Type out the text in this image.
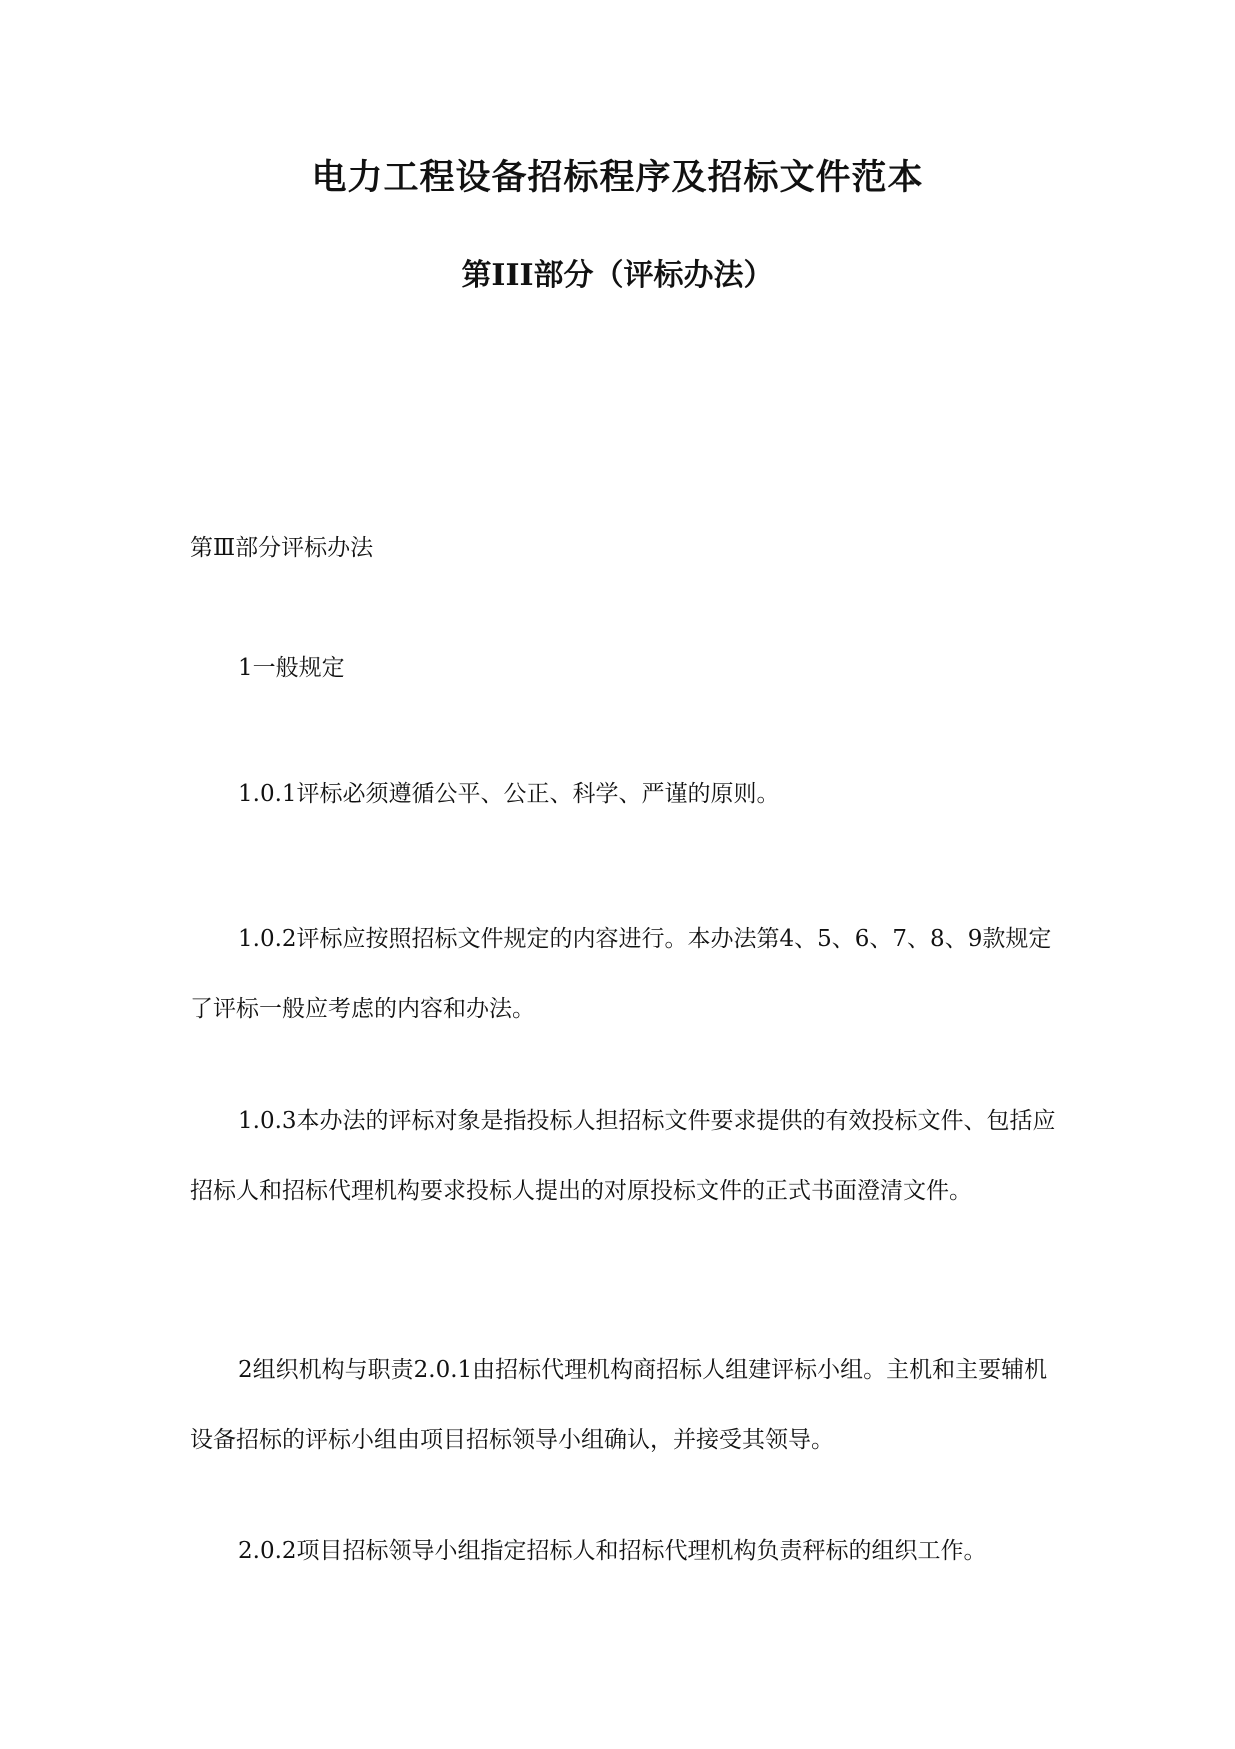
电力工程设备招标程序及招标文件范本
第III部分（评标办法）

第Ⅲ部分评标办法

1一般规定

1.0.1评标必须遵循公平、公正、科学、严谨的原则。

1.0.2评标应按照招标文件规定的内容进行。本办法第4、5、6、7、8、9款规定了评标一般应考虑的内容和办法。

1.0.3本办法的评标对象是指投标人担招标文件要求提供的有效投标文件、包括应招标人和招标代理机构要求投标人提出的对原投标文件的正式书面澄清文件。

2组织机构与职责2.0.1由招标代理机构商招标人组建评标小组。主机和主要辅机设备招标的评标小组由项目招标领导小组确认，并接受其领导。

2.0.2项目招标领导小组指定招标人和招标代理机构负责秤标的组织工作。
